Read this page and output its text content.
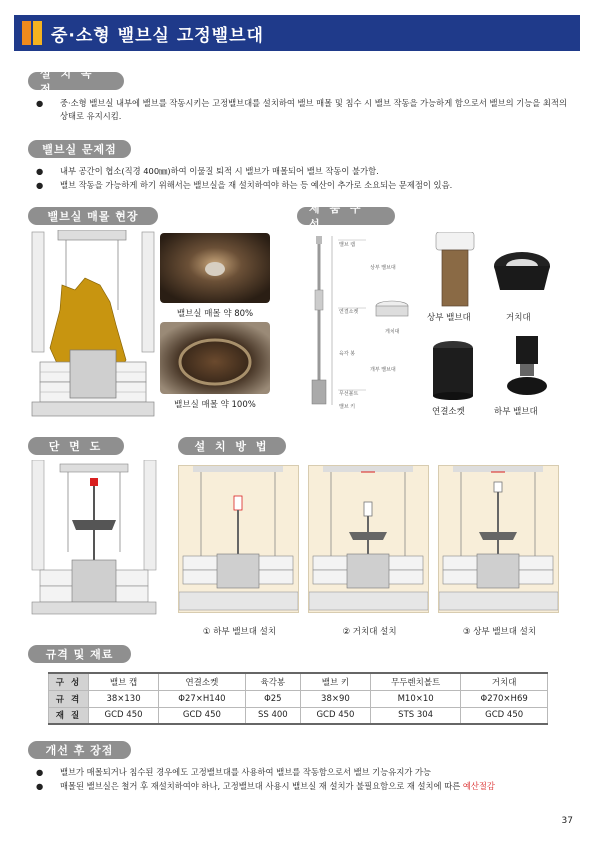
중·소형 밸브실 고정밸브대
설 치 목 적
● 중·소형 밸브실 내부에 밸브를 작동시키는 고정밸브대를 설치하여 밸브 매몰 및 침수 시 밸브 작동을 가능하게 함으로서 밸브의 기능을 최적의 상태로 유지시킴.
밸브실 문제점
● 내부 공간이 협소(직경 400㎜)하여 이물질 퇴적 시 밸브가 매몰되어 밸브 작동이 불가함.
● 밸브 작동을 가능하게 하기 위해서는 밸브실을 재 설치하여야 하는 등 예산이 추가로 소요되는 문제점이 있음.
밸브실 매몰 현장
밸브실 매몰 약 80%
밸브실 매몰 약 100%
제 품 구 성
밸브 캡
상부 밸브대
연결소켓
게치대
육각 봉
개부 밸브대
무선볼트
밸브 키
상부 밸브대	거치대
연결소켓	하부 밸브대
단 면 도	설 치 방 법
① 하부 밸브대 설치	② 거치대 설치	③ 상부 밸브대 설치
규격 및 재료
구 성	밸브 캡	연결소켓	육각봉	밸브 키	무두렌치볼트	거치대
규 격	38×130	Φ27×H140	Φ25	38×90	M10×10	Φ270×H69
재 질	GCD 450	GCD 450	SS 400	GCD 450	STS 304	GCD 450
개선 후 장점
● 밸브가 매몰되거나 침수된 경우에도 고정밸브대를 사용하여 밸브를 작동함으로서 밸브 기능유지가 가능
● 매몰된 밸브실은 철거 후 재설치하여야 하나, 고정밸브대 사용시 밸브실 재 설치가 불필요함으로 재 설치에 따른 예산절감
37
